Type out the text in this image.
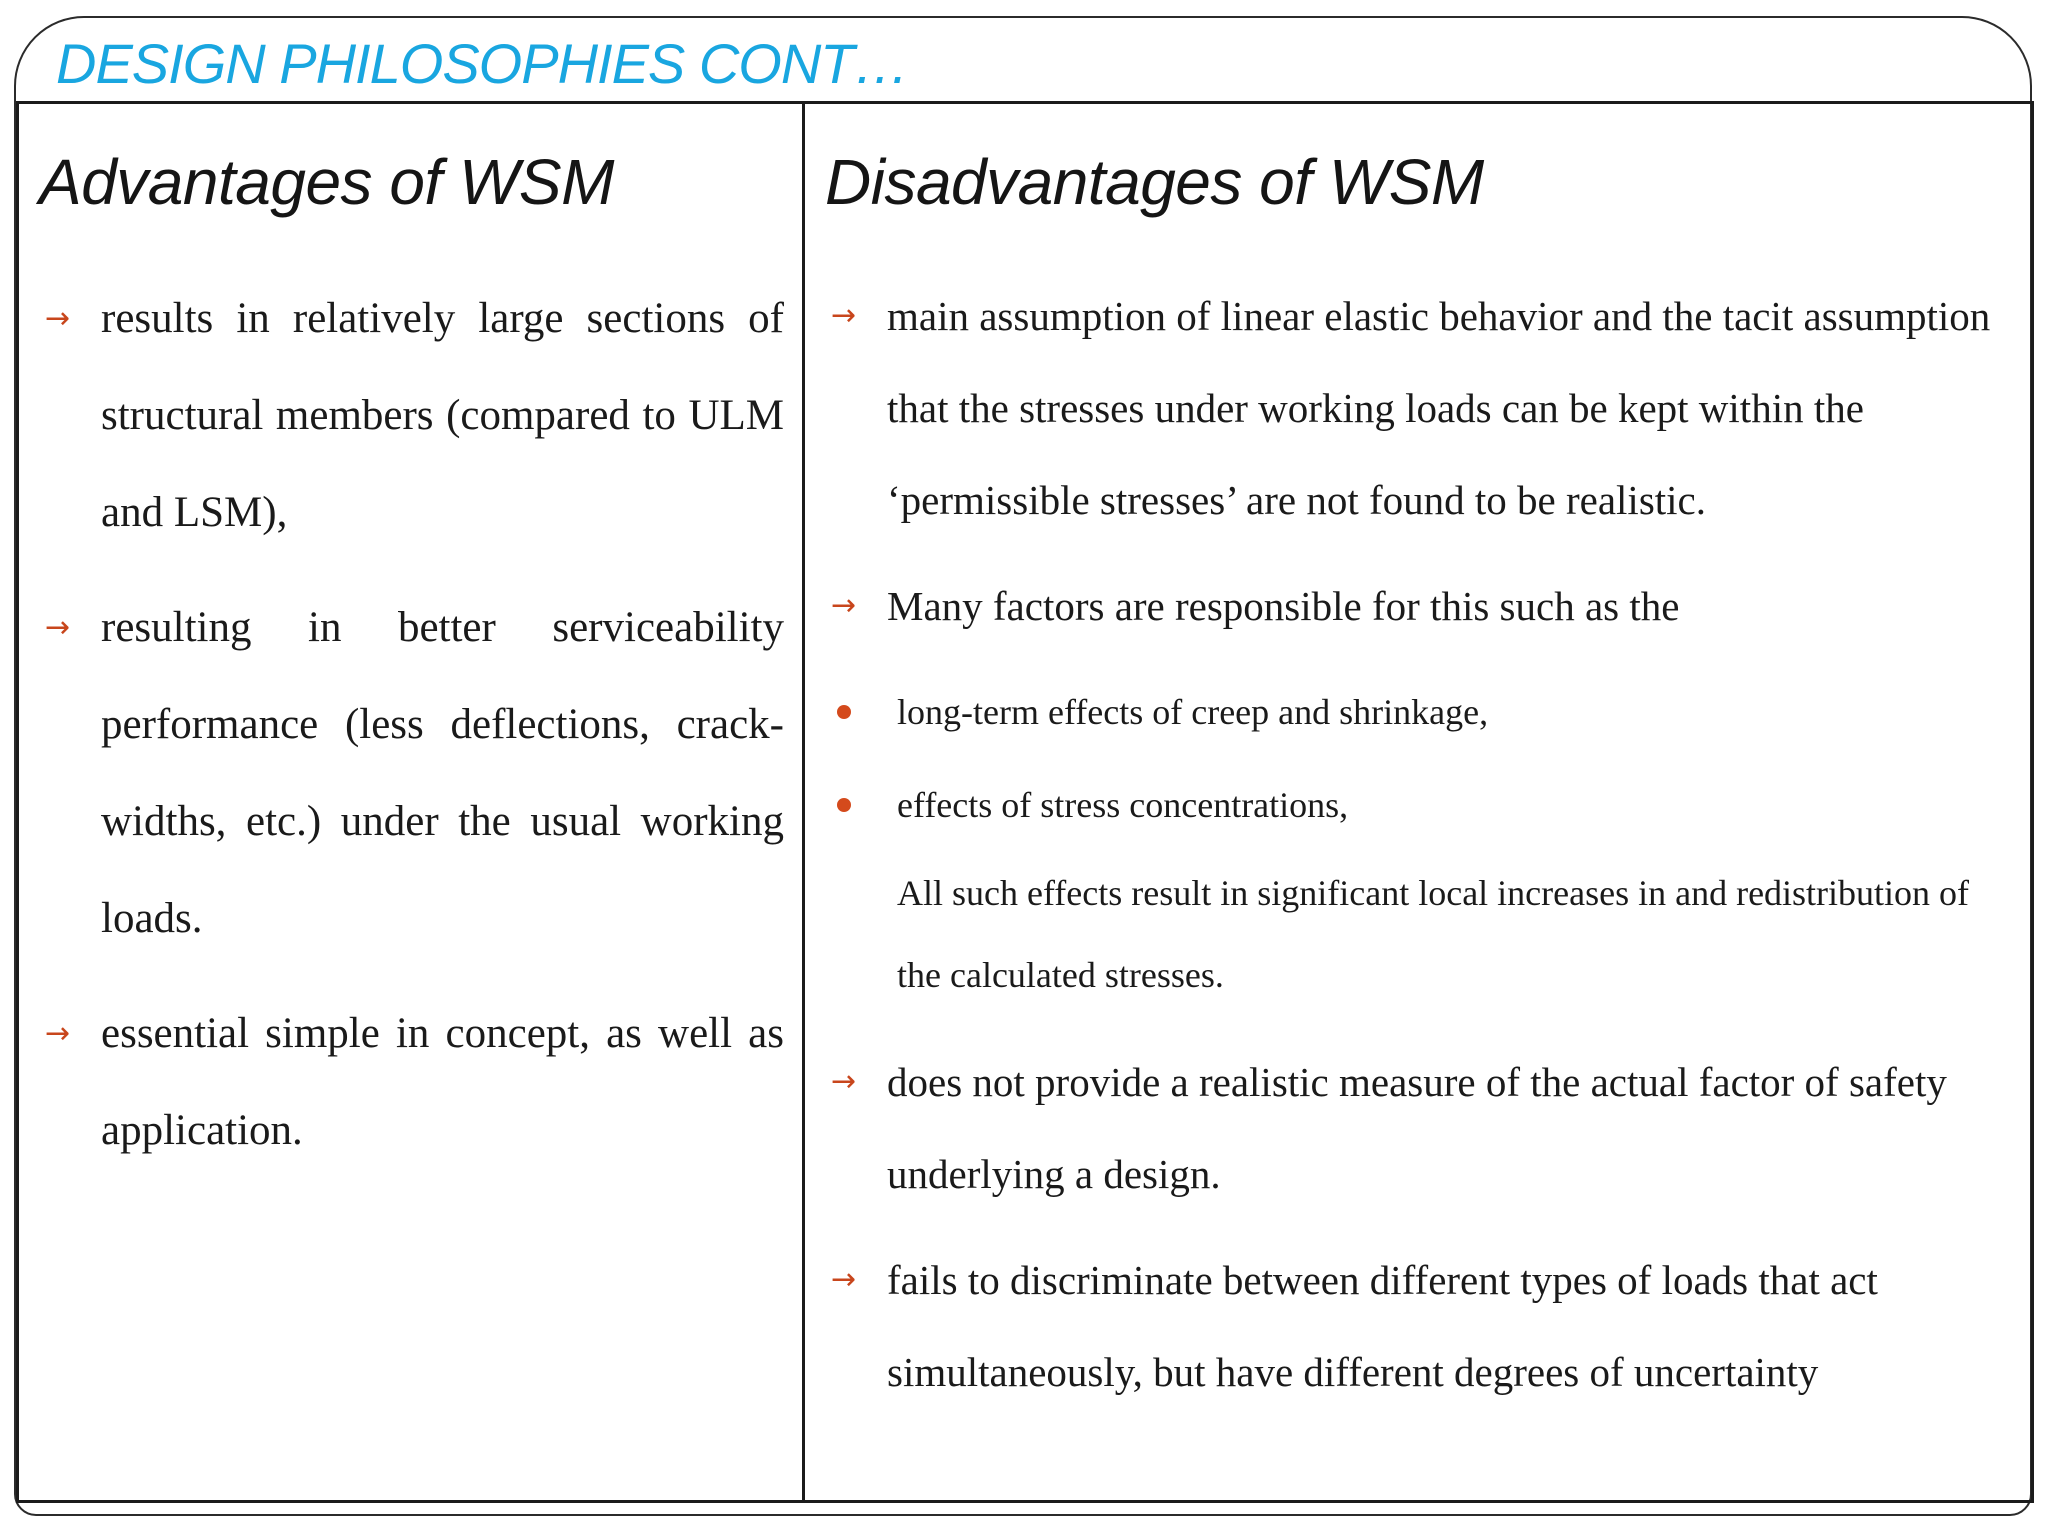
DESIGN PHILOSOPHIES CONT…
Advantages of WSM
→ results in relatively large sections of structural members (compared to ULM and LSM),
→ resulting in better serviceability performance (less deflections, crack-widths, etc.) under the usual working loads.
→ essential simple in concept, as well as application.
Disadvantages of WSM
→ main assumption of linear elastic behavior and the tacit assumption that the stresses under working loads can be kept within the ‘permissible stresses’ are not found to be realistic.
→ Many factors are responsible for this such as the
long-term effects of creep and shrinkage,
effects of stress concentrations,

All such effects result in significant local increases in and redistribution of the calculated stresses.

→ does not provide a realistic measure of the actual factor of safety underlying a design.
→ fails to discriminate between different types of loads that act simultaneously, but have different degrees of uncertainty
